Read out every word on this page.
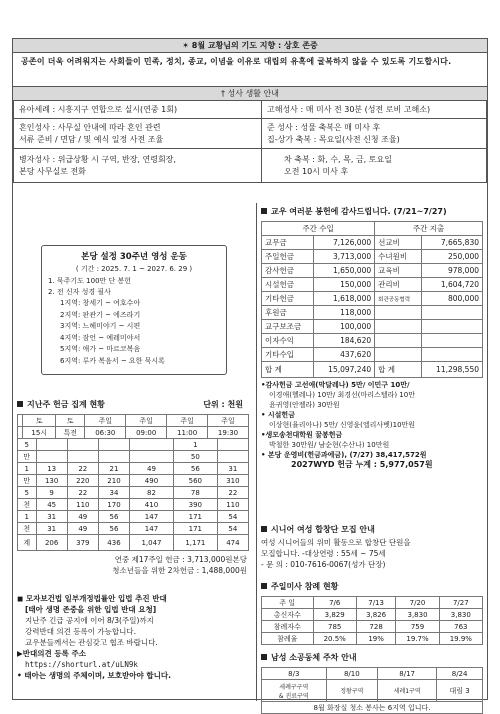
✶ 8월 교황님의 기도 지향 : 상호 존중
공존이 더욱 어려워지는 사회들이 민족, 정치, 종교, 이념을 이유로 대립의 유혹에 굴복하지 않을 수 있도록 기도합시다.
† 성사 생활 안내
유아세례 : 시흥지구 연합으로 실시(연중 1회)	고해성사 : 매 미사 전 30분 (성전 로비 고해소)
혼인성사 : 사무실 안내에 따라 혼인 관련
서류 준비 / 면담 / 및 예식 일정 사전 조율	준 성사 : 성물 축복은 매 미사 후
집-상가 축복 : 목요일(사전 신청 조율)
병자성사 : 위급상황 시 구역, 반장, 연령회장,
본당 사무실로 전화	차 축복 : 화, 수, 목, 금, 토요일
오전 10시 미사 후
본당 설정 30주년 영성 운동
( 기간 : 2025. 7. 1 ~ 2027. 6. 29 )
1. 묵주기도 100만 단 봉헌
2. 전 신자 성경 필사
1지역: 창세기 ~ 여호수아
2지역: 판관기 ~ 에즈라기
3지역: 느헤미야기 ~ 시편
4지역: 잠언 ~ 예레미야서
5지역: 애가 ~ 마르코복음
6지역: 루카 복음서 ~ 요한 묵시록
지난주 헌금 집계 현황	단위 : 천원
	토	토	주일	주일	주일	주일
	15시	특전	06:30	09:00	11:00	19:30
5					1	
만					50	
1	13	22	21	49	56	31
만	130	220	210	490	560	310
5	9	22	34	82	78	22
천	45	110	170	410	390	110
1	31	49	56	147	171	54
천	31	49	56	147	171	54
계	206	379	436	1,047	1,171	474
연중 제17주일 헌금 : 3,713,000원본당
청소년들을 위한 2차헌금 : 1,488,000원
◼ 모자보건법 일부개정법률안 입법 추진 반대
[태아 생명 존중을 위한 입법 반대 요청]
지난주 긴급 공지에 이어 8/3(주일)까지
강력반대 의견 등록이 가능합니다.
교우분들께서는 관심갖고 협조 바랍니다.
▶반대의견 등록 주소
https://shorturl.at/uLN9k
• 태아는 생명의 주체이며, 보호받아야 합니다.
교우 여러분 봉헌에 감사드립니다. (7/21~7/27)
주간 수입		주간 지출	
교무금	7,126,000	선교비	7,665,830
주일헌금	3,713,000	수녀원비	250,000
감사헌금	1,650,000	교육비	978,000
시설헌금	150,000	관리비	1,604,720
기타헌금	1,618,000	회관공동협력	800,000
후원금	118,000		
교구보조금	100,000		
이자수익	184,620		
기타수입	437,620		
합 계	15,097,240	합 계	11,298,550
•감사헌금 고선애(막달레나) 5만/ 이민구 10만/
이경애(헬레나) 10만/ 최경선(마리스텔라) 10만
윤귀영(안젤라) 30만원
• 시설헌금
이상현(율리아나) 5만/ 신영윤(엘리사벳)10만원
•생모송천대학원 꿀봉헌금
박철한 30만원/ 남순현(수산나) 10만원
• 본당 운영비(헌금과에금), (7/27) 38,417,572원
2027WYD 헌금 누계 : 5,977,057원
시니어 여성 합창단 모집 안내
여성 시니어들의 위미 활동으로 합창단 단원을
모집합니다. -대상연령 : 55세 ~ 75세
- 문 의 : 010-7616-0067(성가 단장)
주일미사 참례 현황
주 일	7/6	7/13	7/20	7/27
총신자수	3,829	3,826	3,830	3,830
참례자수	785	728	759	763
참례율	20.5%	19%	19.7%	19.9%
남성 소공동체 주차 안내
8/3	8/10	8/17	8/24
세례구구역
& 진료구역	정왕구역	세례1구역	대림 3
8월 화장실 청소 봉사는 6지역 입니다.			
